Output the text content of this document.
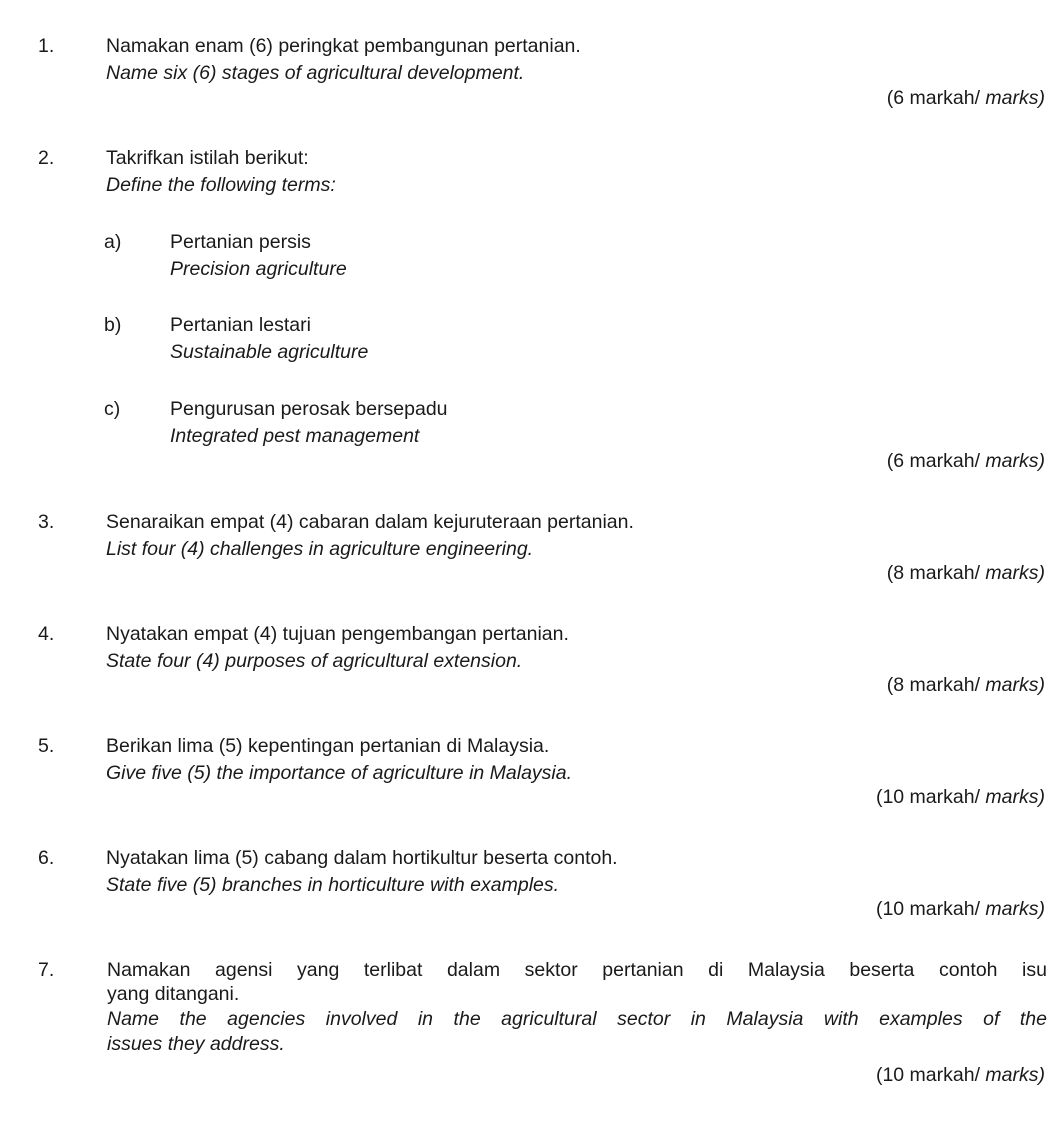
1.	Namakan enam (6) peringkat pembangunan pertanian.
Name six (6) stages of agricultural development.
(6 markah/ marks)
2.	Takrifkan istilah berikut:
Define the following terms:
a) Pertanian persis
Precision agriculture
b) Pertanian lestari
Sustainable agriculture
c)	Pengurusan perosak bersepadu
Integrated pest management
(6 markah/ marks)
3.	Senaraikan empat (4) cabaran dalam kejuruteraan pertanian.
List four (4) challenges in agriculture engineering.
(8 markah/ marks)
4.	Nyatakan empat (4) tujuan pengembangan pertanian.
State four (4) purposes of agricultural extension.
(8 markah/ marks)
5.	Berikan lima (5) kepentingan pertanian di Malaysia.
Give five (5) the importance of agriculture in Malaysia.
(10 markah/ marks)
6.	Nyatakan lima (5) cabang dalam hortikultur beserta contoh.
State five (5) branches in horticulture with examples.
(10 markah/ marks)
7.	Namakan agensi yang terlibat dalam sektor pertanian di Malaysia beserta contoh isu
yang ditangani.
Name the agencies involved in the agricultural sector in Malaysia with examples of the
issues they address.
(10 markah/ marks)
